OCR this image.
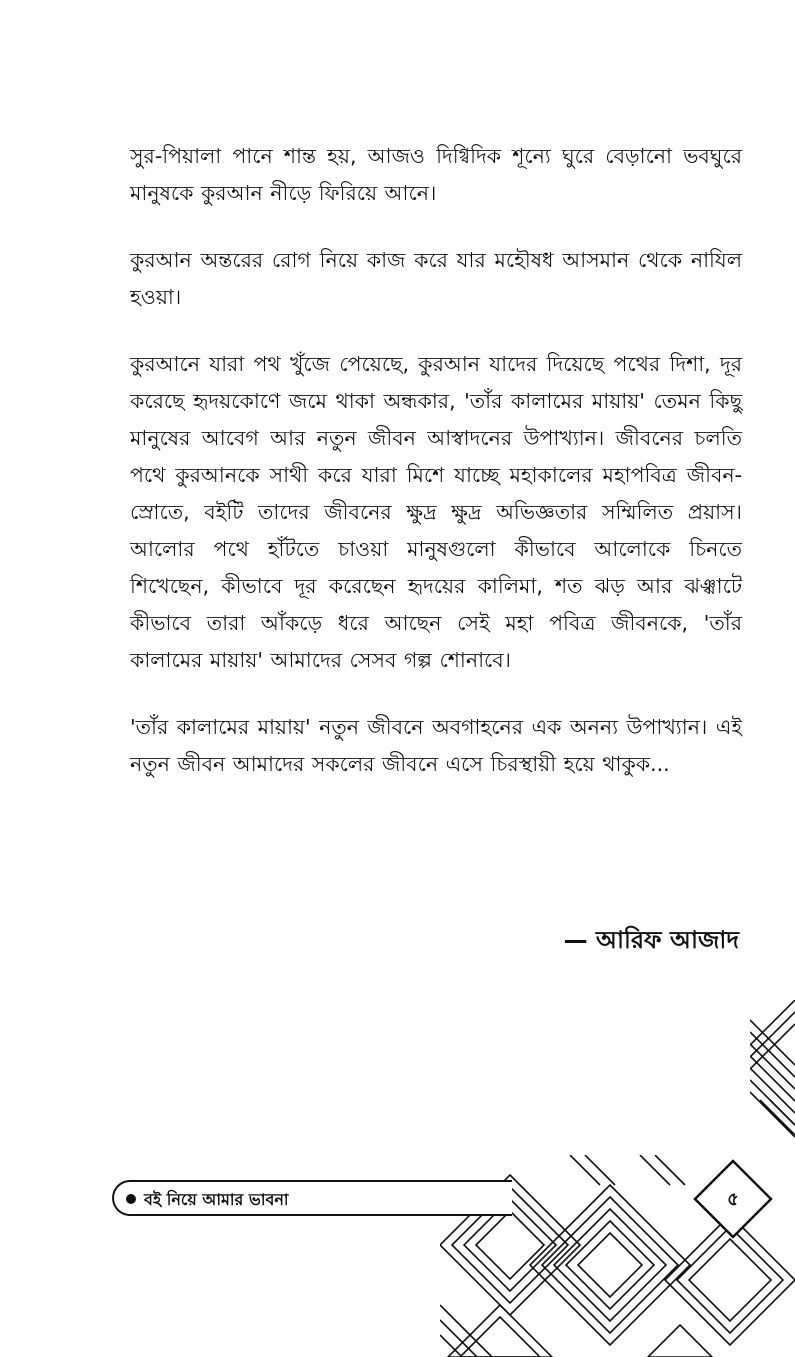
সুর-পিয়ালা পানে শান্ত হয়, আজও দিগ্বিদিক শূন্যে ঘুরে বেড়ানো ভবঘুরে মানুষকে কুরআন নীড়ে ফিরিয়ে আনে।

কুরআন অন্তরের রোগ নিয়ে কাজ করে যার মহৌষধ আসমান থেকে নাযিল হওয়া।

কুরআনে যারা পথ খুঁজে পেয়েছে, কুরআন যাদের দিয়েছে পথের দিশা, দূর করেছে হৃদয়কোণে জমে থাকা অন্ধকার, 'তাঁর কালামের মায়ায়' তেমন কিছু মানুষের আবেগ আর নতুন জীবন আস্বাদনের উপাখ্যান। জীবনের চলতি পথে কুরআনকে সাথী করে যারা মিশে যাচ্ছে মহাকালের মহাপবিত্র জীবন-স্রোতে, বইটি তাদের জীবনের ক্ষুদ্র ক্ষুদ্র অভিজ্ঞতার সম্মিলিত প্রয়াস। আলোর পথে হাঁটতে চাওয়া মানুষগুলো কীভাবে আলোকে চিনতে শিখেছেন, কীভাবে দূর করেছেন হৃদয়ের কালিমা, শত ঝড় আর ঝঞ্ঝাটে কীভাবে তারা আঁকড়ে ধরে আছেন সেই মহা পবিত্র জীবনকে, 'তাঁর কালামের মায়ায়' আমাদের সেসব গল্প শোনাবে।

'তাঁর কালামের মায়ায়' নতুন জীবনে অবগাহনের এক অনন্য উপাখ্যান। এই নতুন জীবন আমাদের সকলের জীবনে এসে চিরস্থায়ী হয়ে থাকুক...

— আরিফ আজাদ
বই নিয়ে আমার ভাবনা	৫
